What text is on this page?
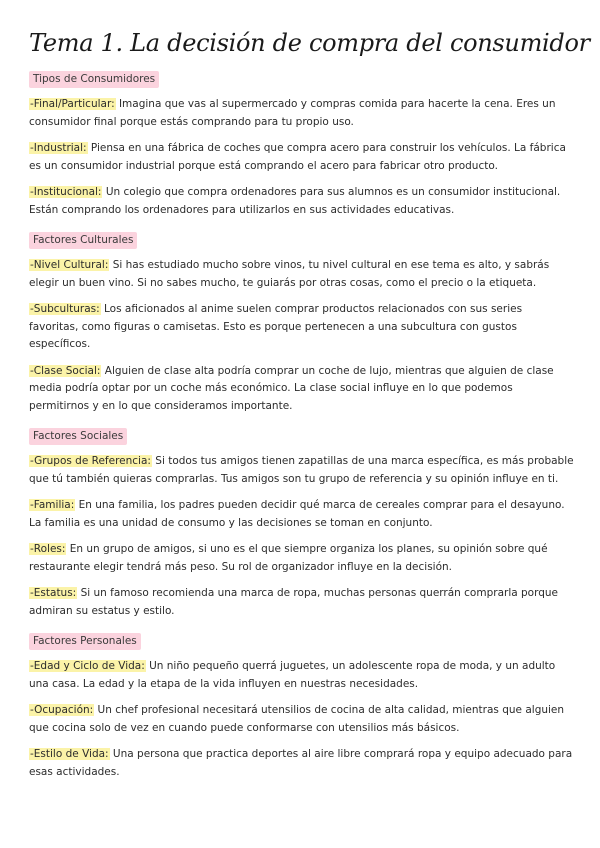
Tema 1. La decisión de compra del consumidor
Tipos de Consumidores
-Final/Particular: Imagina que vas al supermercado y compras comida para hacerte la cena. Eres un consumidor final porque estás comprando para tu propio uso.
-Industrial: Piensa en una fábrica de coches que compra acero para construir los vehículos. La fábrica es un consumidor industrial porque está comprando el acero para fabricar otro producto.
-Institucional: Un colegio que compra ordenadores para sus alumnos es un consumidor institucional. Están comprando los ordenadores para utilizarlos en sus actividades educativas.
Factores Culturales
-Nivel Cultural: Si has estudiado mucho sobre vinos, tu nivel cultural en ese tema es alto, y sabrás elegir un buen vino. Si no sabes mucho, te guiarás por otras cosas, como el precio o la etiqueta.
-Subculturas: Los aficionados al anime suelen comprar productos relacionados con sus series favoritas, como figuras o camisetas. Esto es porque pertenecen a una subcultura con gustos específicos.
-Clase Social: Alguien de clase alta podría comprar un coche de lujo, mientras que alguien de clase media podría optar por un coche más económico. La clase social influye en lo que podemos permitirnos y en lo que consideramos importante.
Factores Sociales
-Grupos de Referencia: Si todos tus amigos tienen zapatillas de una marca específica, es más probable que tú también quieras comprarlas. Tus amigos son tu grupo de referencia y su opinión influye en ti.
-Familia: En una familia, los padres pueden decidir qué marca de cereales comprar para el desayuno. La familia es una unidad de consumo y las decisiones se toman en conjunto.
-Roles: En un grupo de amigos, si uno es el que siempre organiza los planes, su opinión sobre qué restaurante elegir tendrá más peso. Su rol de organizador influye en la decisión.
-Estatus: Si un famoso recomienda una marca de ropa, muchas personas querrán comprarla porque admiran su estatus y estilo.
Factores Personales
-Edad y Ciclo de Vida: Un niño pequeño querrá juguetes, un adolescente ropa de moda, y un adulto una casa. La edad y la etapa de la vida influyen en nuestras necesidades.
-Ocupación: Un chef profesional necesitará utensilios de cocina de alta calidad, mientras que alguien que cocina solo de vez en cuando puede conformarse con utensilios más básicos.
-Estilo de Vida: Una persona que practica deportes al aire libre comprará ropa y equipo adecuado para esas actividades.
